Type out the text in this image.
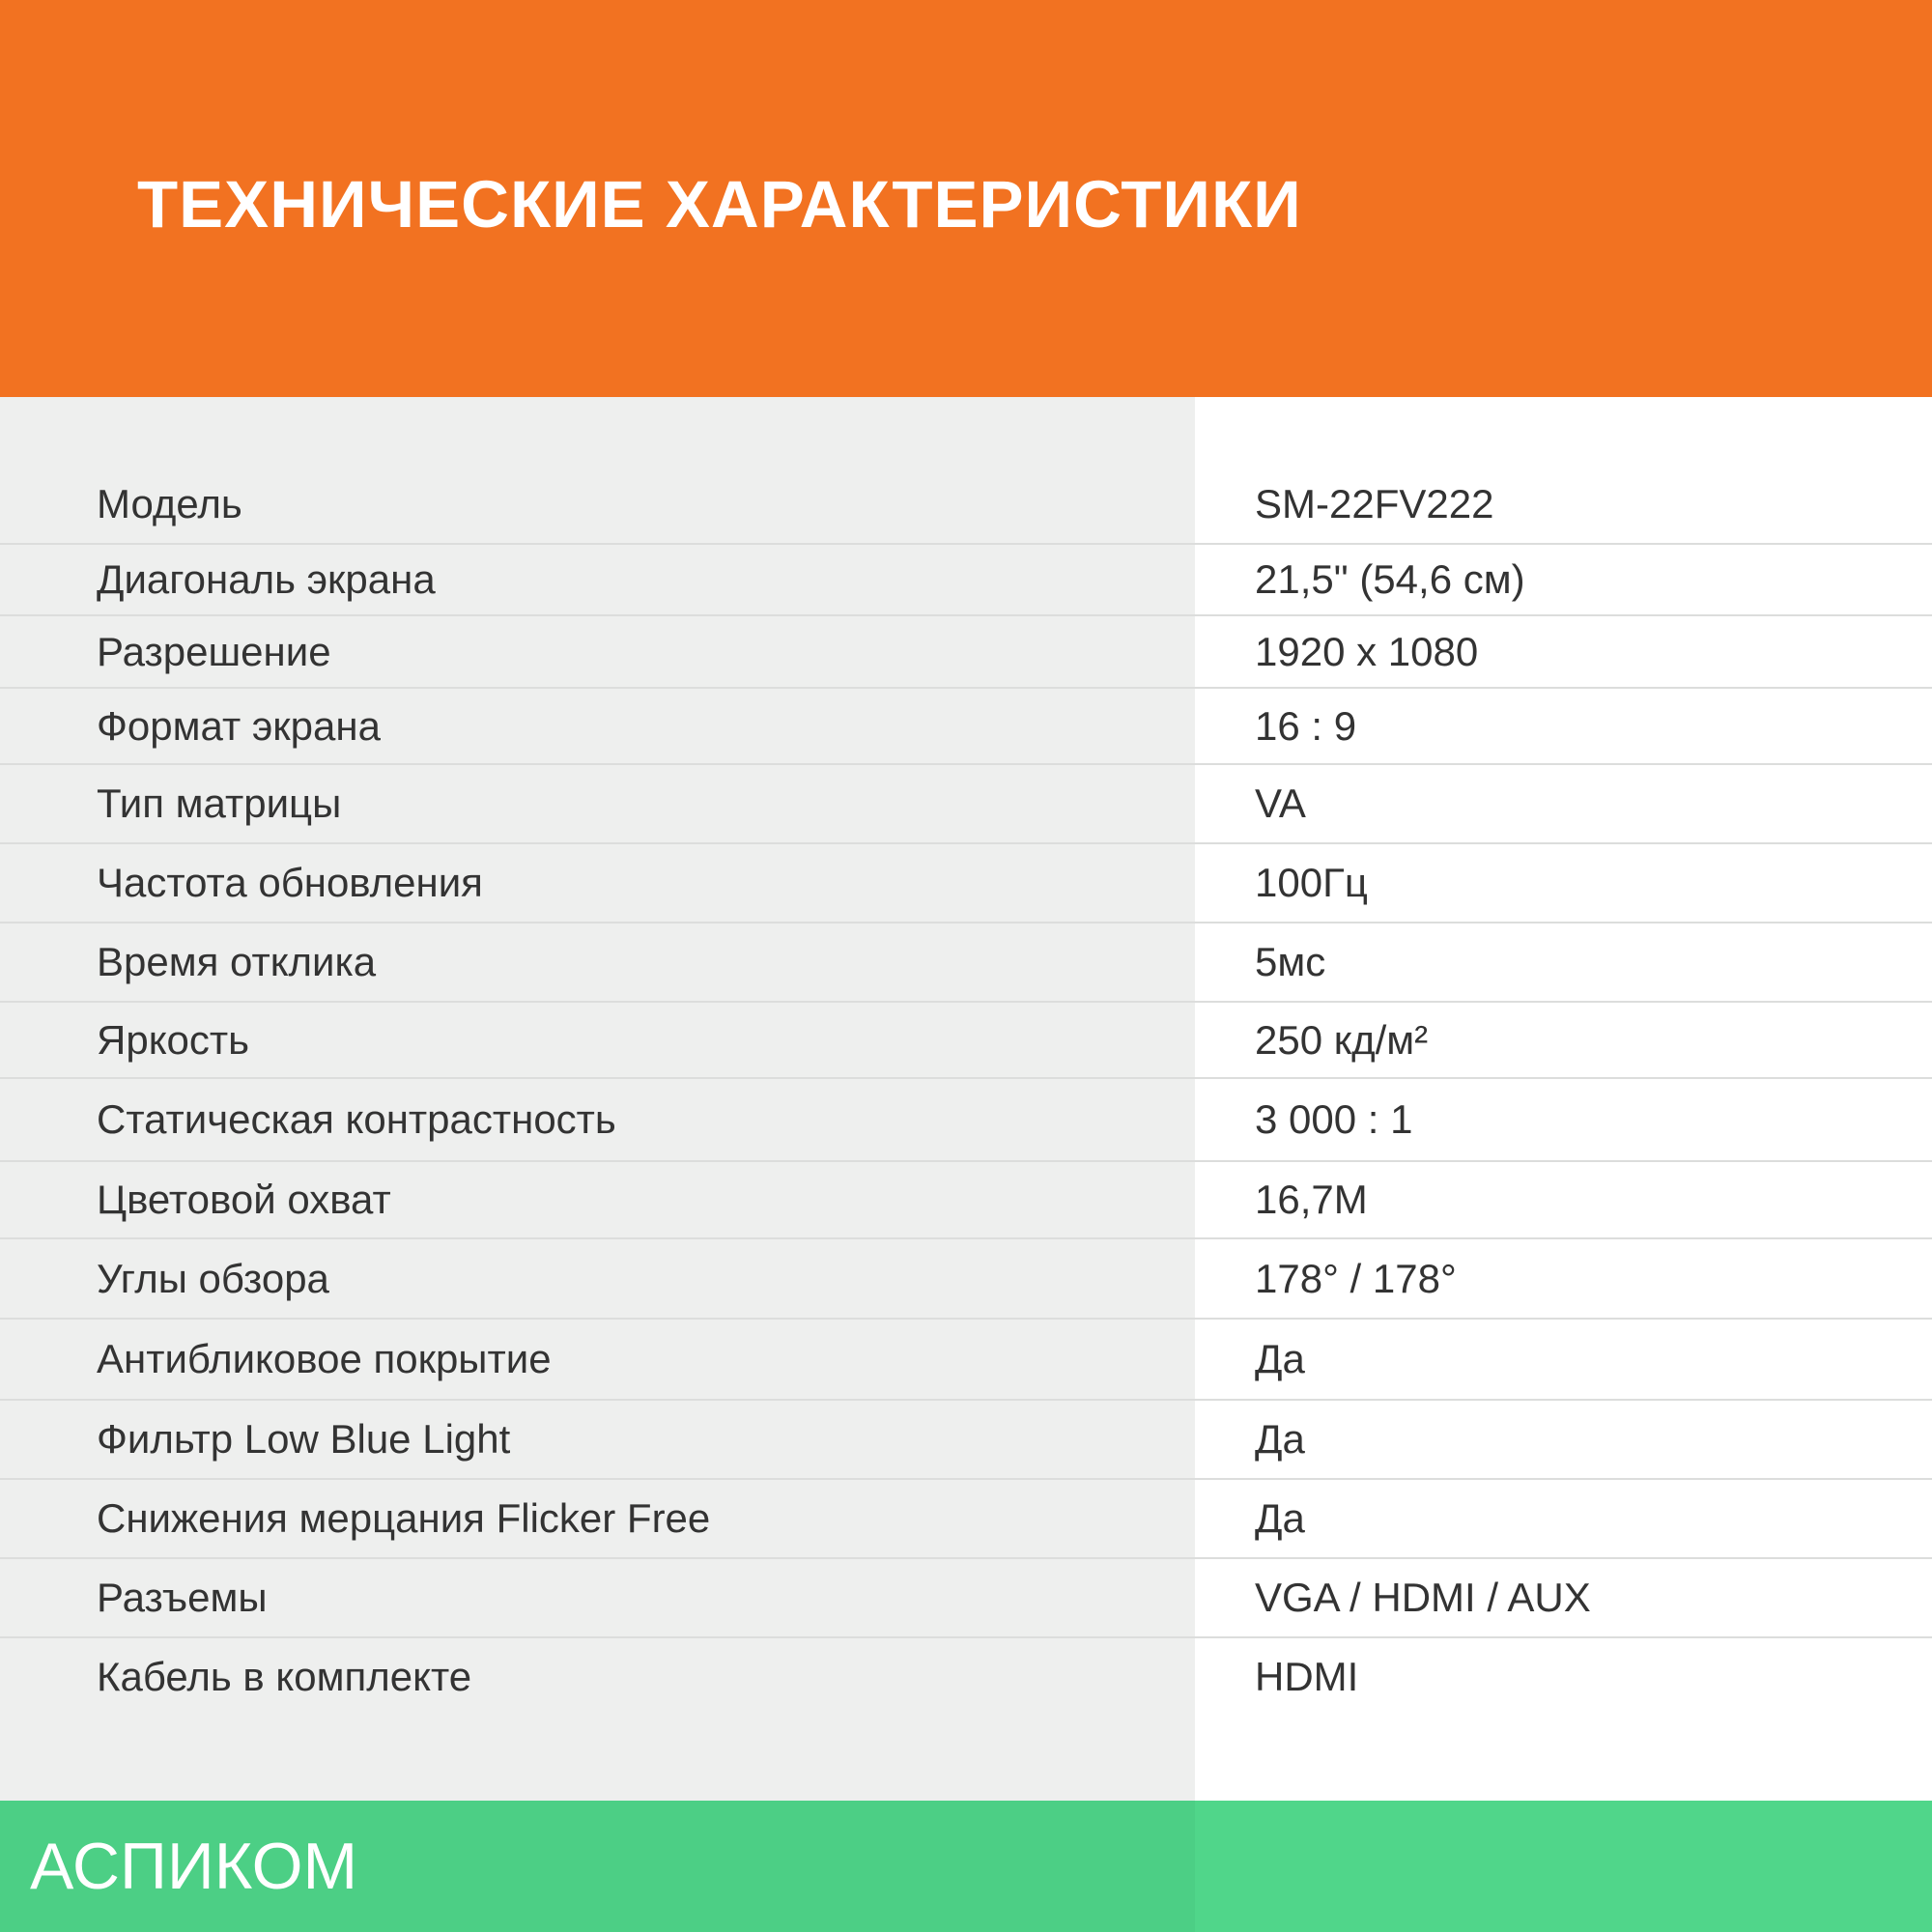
ТЕХНИЧЕСКИЕ ХАРАКТЕРИСТИКИ
Модель	SM-22FV222
Диагональ экрана	21,5" (54,6 см)
Разрешение	1920 x 1080
Формат экрана	16 : 9
Тип матрицы	VA
Частота обновления	100Гц
Время отклика	5мс
Яркость	250 кд/м²
Статическая контрастность	3 000 : 1
Цветовой охват	16,7M
Углы обзора	178° / 178°
Антибликовое покрытие	Да
Фильтр Low Blue Light	Да
Снижения мерцания Flicker Free	Да
Разъемы	VGA / HDMI / AUX
Кабель в комплекте	HDMI
АСПИКОМ
